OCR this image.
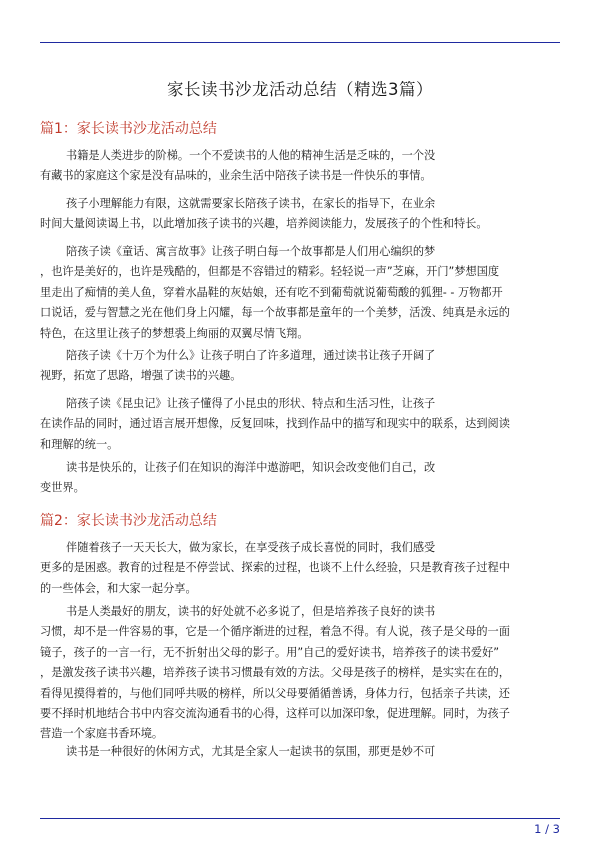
家长读书沙龙活动总结（精选3篇）
篇1：家长读书沙龙活动总结
书籍是人类进步的阶梯。一个不爱读书的人他的精神生活是乏味的，一个没
有藏书的家庭这个家是没有品味的，业余生活中陪孩子读书是一件快乐的事情。
孩子小理解能力有限，这就需要家长陪孩子读书，在家长的指导下，在业余
时间大量阅读谒上书，以此增加孩子读书的兴趣，培养阅读能力，发展孩子的个性和特长。
陪孩子读《童话、寓言故事》让孩子明白每一个故事都是人们用心编织的梦
，也许是美好的，也许是残酷的，但都是不容错过的精彩。轻轻说一声”芝麻，开门”梦想国度
里走出了痴情的美人鱼，穿着水晶鞋的灰姑娘，还有吃不到葡萄就说葡萄酸的狐狸- - 万物都开
口说话，爱与智慧之光在他们身上闪耀，每一个故事都是童年的一个美梦，活泼、纯真是永远的
特色，在这里让孩子的梦想裘上绚丽的双翼尽情飞翔。
陪孩子读《十万个为什么》让孩子明白了许多道理，通过读书让孩子开阔了
视野，拓宽了思路，增强了读书的兴趣。
陪孩子读《昆虫记》让孩子懂得了小昆虫的形状、特点和生活习性，让孩子
在读作品的同时，通过语言展开想像，反复回味，找到作品中的描写和现实中的联系，达到阅读
和理解的统一。
读书是快乐的，让孩子们在知识的海洋中遨游吧，知识会改变他们自己，改
变世界。
篇2：家长读书沙龙活动总结
伴随着孩子一天天长大，做为家长，在享受孩子成长喜悦的同时，我们感受
更多的是困惑。教育的过程是不停尝试、探索的过程，也谈不上什么经验，只是教育孩子过程中
的一些体会，和大家一起分享。
书是人类最好的朋友，读书的好处就不必多说了，但是培养孩子良好的读书
习惯，却不是一件容易的事，它是一个循序渐进的过程，着急不得。有人说，孩子是父母的一面
镜子，孩子的一言一行，无不折射出父母的影子。用”自己的爱好读书，培养孩子的读书爱好”
，是激发孩子读书兴趣，培养孩子读书习惯最有效的方法。父母是孩子的榜样，是实实在在的，
看得见摸得着的，与他们同呼共吸的榜样，所以父母要循循善诱，身体力行，包括亲子共读，还
要不择时机地结合书中内容交流沟通看书的心得，这样可以加深印象，促进理解。同时，为孩子
营造一个家庭书香环境。
读书是一种很好的休闲方式，尤其是全家人一起读书的氛围，那更是妙不可
1 / 3
